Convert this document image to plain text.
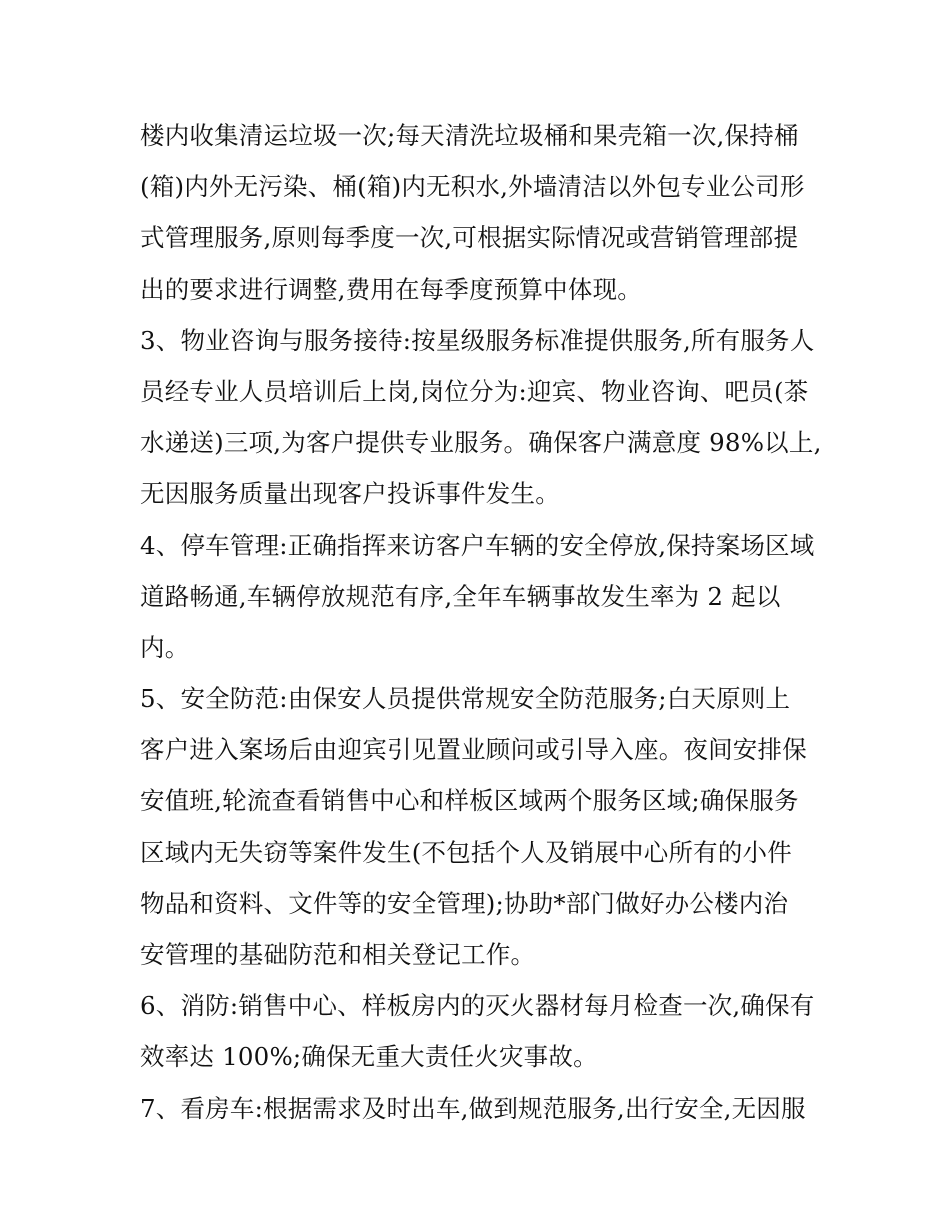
楼内收集清运垃圾一次;每天清洗垃圾桶和果壳箱一次,保持桶
(箱)内外无污染、桶(箱)内无积水,外墙清洁以外包专业公司形
式管理服务,原则每季度一次,可根据实际情况或营销管理部提
出的要求进行调整,费用在每季度预算中体现。
3、物业咨询与服务接待:按星级服务标准提供服务,所有服务人
员经专业人员培训后上岗,岗位分为:迎宾、物业咨询、吧员(茶
水递送)三项,为客户提供专业服务。确保客户满意度 98%以上,
无因服务质量出现客户投诉事件发生。
4、停车管理:正确指挥来访客户车辆的安全停放,保持案场区域
道路畅通,车辆停放规范有序,全年车辆事故发生率为 2 起以
内。
5、安全防范:由保安人员提供常规安全防范服务;白天原则上
客户进入案场后由迎宾引见置业顾问或引导入座。夜间安排保
安值班,轮流查看销售中心和样板区域两个服务区域;确保服务
区域内无失窃等案件发生(不包括个人及销展中心所有的小件
物品和资料、文件等的安全管理);协助*部门做好办公楼内治
安管理的基础防范和相关登记工作。
6、消防:销售中心、样板房内的灭火器材每月检查一次,确保有
效率达 100%;确保无重大责任火灾事故。
7、看房车:根据需求及时出车,做到规范服务,出行安全,无因服
